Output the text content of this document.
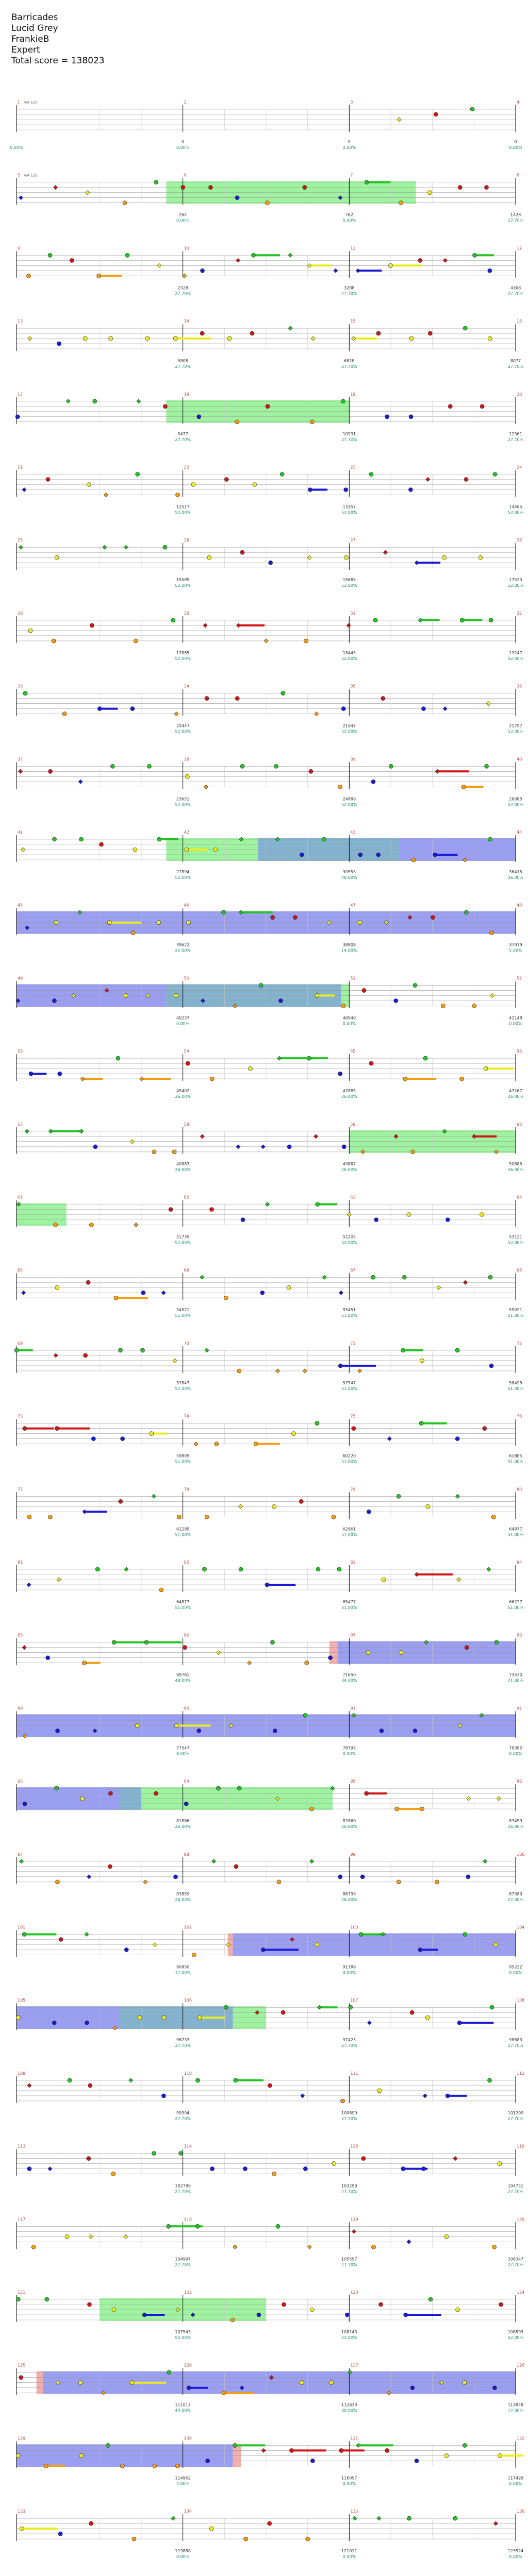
Barricades
Lucid Grey
FrankieB
Expert
Total score = 138023
1 4/4 120	2	3	4
0
0.00%
0
0.00%
0
0.00%
0.00%
5 4/4 120	6	7	8
264
0.00%
762
0.00%
1428
27.70%
9	10	11	12
2328
27.70%
3288
27.70%
4368
27.70%
13	14	15	16
5808
27.70%
6828
27.70%
8077
27.70%
17	18	19	20
9477
27.70%
10931
27.70%
12361
27.70%
21	22	23	24
12517
52.00%
13357
52.00%
14485
52.00%
25	26	27	28
15085
52.00%
15685
52.00%
17520
52.00%
29	30	31	32
17885
52.00%
18445
52.00%
19247
52.00%
33	34	35	36
20447
52.00%
21047
52.00%
21797
52.00%
37	38	39	40
23651
52.00%
24888
52.00%
26085
52.00%
41	42	43	44
27894
52.00%
30553
48.00%
36415
36.00%
45	46	47	48
39622
22.00%
38808
14.00%
37919
5.00%
49	50	51	52
40237
0.00%
40940
0.00%
42148
0.00%
53	54	55	56
45402
26.00%
47885
26.00%
47267
26.00%
57	58	59	60
49887
26.00%
49887
26.00%
50885
26.00%
61	62	63	64
51735
52.00%
52205
52.00%
53121
52.00%
65	66	67	68
54521
51.00%
55451
51.00%
55021
51.00%
69	70	71	72
57847
51.00%
57547
51.00%
58495
51.00%
73	74	75	76
59895
51.00%
60220
51.00%
61885
51.00%
77	78	79	80
62295
51.00%
62961
51.00%
64877
51.00%
81	82	83	84
64877
51.00%
65477
51.00%
66227
51.00%
85	86	87	88
69761
48.00%
71650
34.00%
73430
21.00%
89	90	91	92
77547
8.00%
78795
0.00%
79385
0.00%
93	94	95	96
81886
26.00%
82860
26.00%
83459
26.00%
97	98	99	100
83859
26.00%
86799
26.00%
87389
22.00%
101	102	103	104
90850
11.00%
91388
0.00%
95222
0.00%
105	106	107	108
96733
27.70%
97423
27.70%
98683
27.70%
109	110	111	112
99994
27.70%
100899
27.70%
101299
27.70%
113	114	115	116
102799
27.70%
103299
27.70%
104751
27.70%
117	118	119	120
104997
27.70%
105597
27.70%
106347
27.70%
121	122	123	124
107543
52.00%
108143
52.00%
108893
52.00%
125	126	127	128
111017
44.00%
112633
30.00%
113849
17.00%
129	130	131	132
114962
4.00%
116097
0.00%
117429
0.00%
133	134	135	136
119888
0.00%
121011
0.00%
123524
0.00%
